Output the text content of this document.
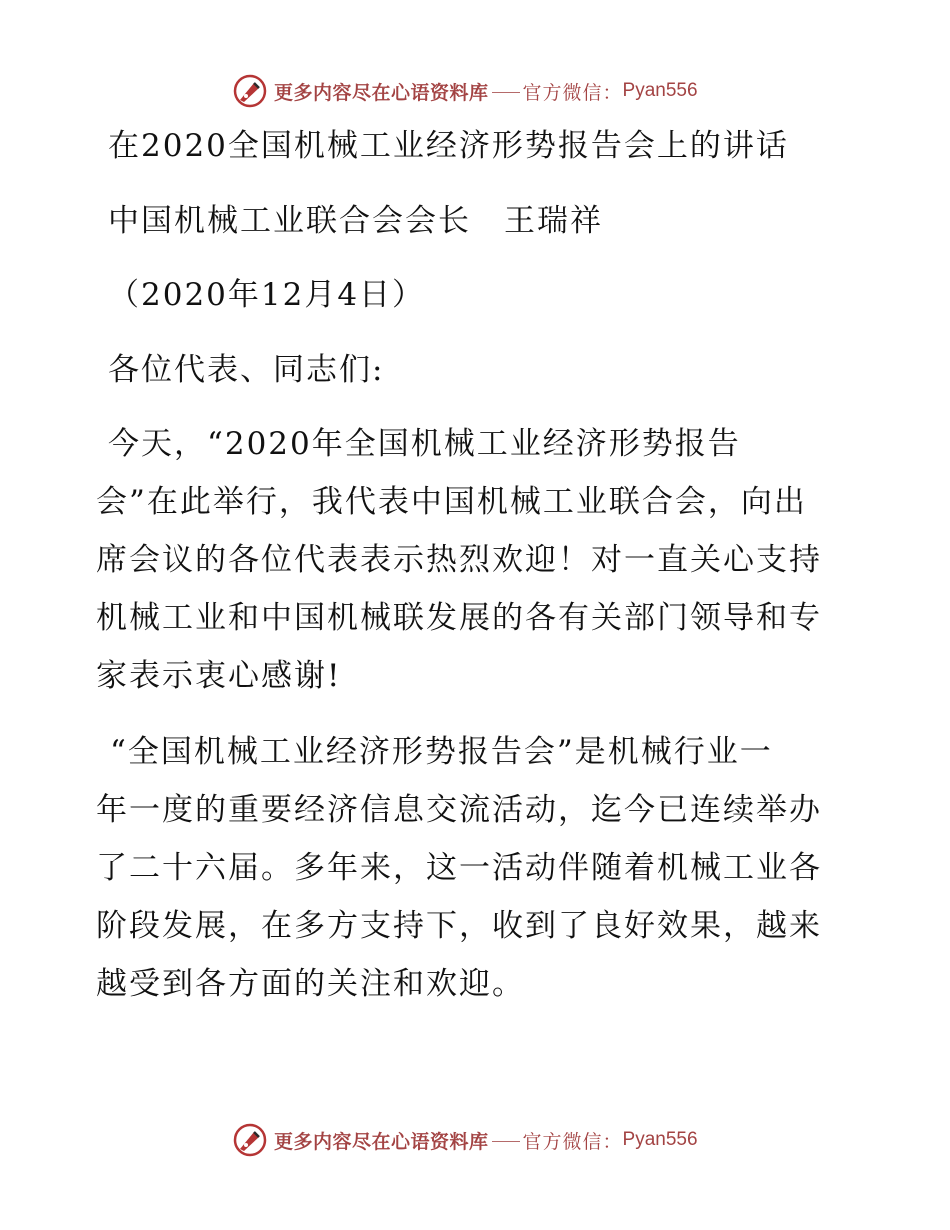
更多内容尽在心语资料库 官方微信： Pyan556
在2020全国机械工业经济形势报告会上的讲话
中国机械工业联合会会长　王瑞祥
（2020年12月4日）
各位代表、同志们:
今天，“2020年全国机械工业经济形势报告
会”在此举行，我代表中国机械工业联合会，向出
席会议的各位代表表示热烈欢迎！对一直关心支持
机械工业和中国机械联发展的各有关部门领导和专
家表示衷心感谢!
“全国机械工业经济形势报告会”是机械行业一
年一度的重要经济信息交流活动，迄今已连续举办
了二十六届。多年来，这一活动伴随着机械工业各
阶段发展，在多方支持下，收到了良好效果，越来
越受到各方面的关注和欢迎。
更多内容尽在心语资料库 官方微信： Pyan556
